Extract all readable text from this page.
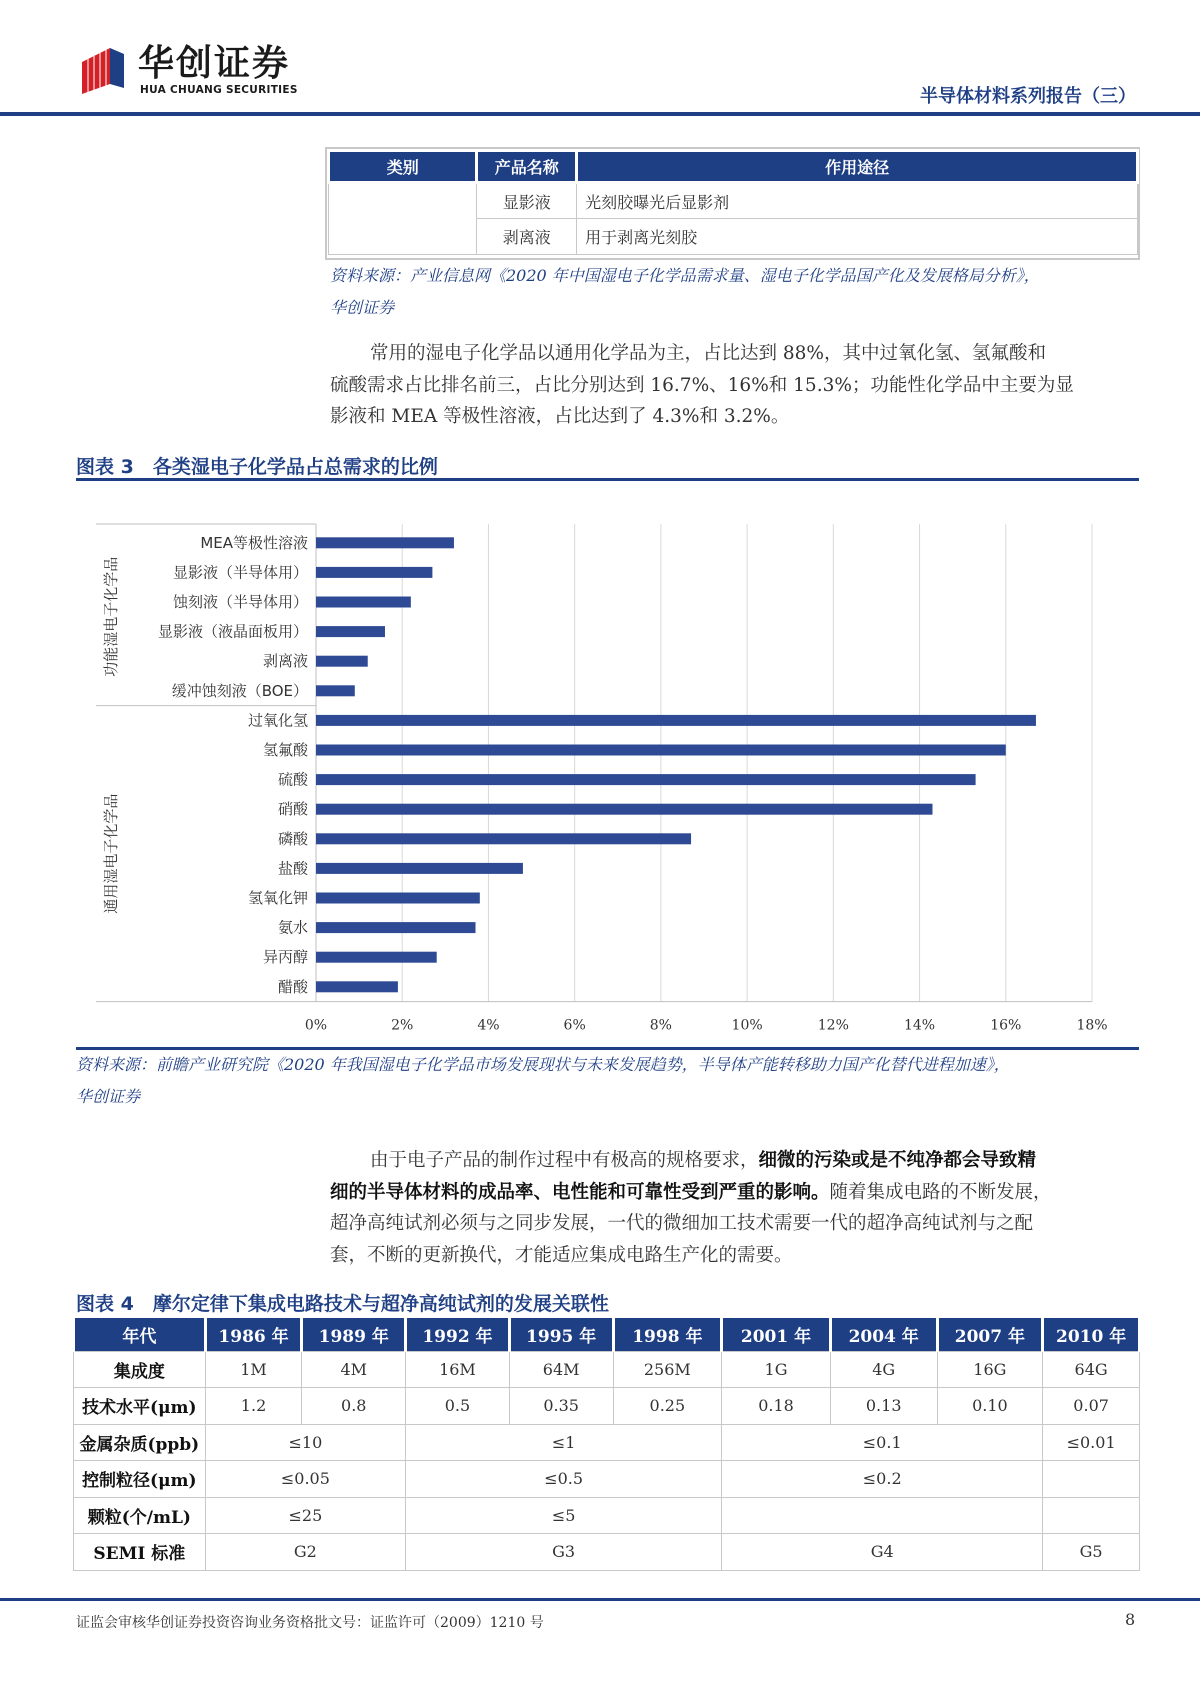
华创证券
HUA CHUANG SECURITIES	半导体材料系列报告（三）
类别	产品名称	作用途径
	显影液	光刻胶曝光后显影剂
	剥离液	用于剥离光刻胶
资料来源：产业信息网《2020 年中国湿电子化学品需求量、湿电子化学品国产化及发展格局分析》，
华创证券
常用的湿电子化学品以通用化学品为主，占比达到 88%，其中过氧化氢、氢氟酸和
硫酸需求占比排名前三，占比分别达到 16.7%、16%和 15.3%；功能性化学品中主要为显
影液和 MEA 等极性溶液，占比达到了 4.3%和 3.2%。
图表 3　各类湿电子化学品占总需求的比例
0%	2%	4%	6%	8%	10%	12%	14%	16%	18%
功能湿电子化学品
通用湿电子化学品
MEA等极性溶液
显影液（半导体用）
蚀刻液（半导体用）
显影液（液晶面板用）
剥离液
缓冲蚀刻液（BOE）
过氧化氢
氢氟酸
硫酸
硝酸
磷酸
盐酸
氢氧化钾
氨水
异丙醇
醋酸
资料来源：前瞻产业研究院《2020 年我国湿电子化学品市场发展现状与未来发展趋势，半导体产能转移助力国产化替代进程加速》，
华创证券
由于电子产品的制作过程中有极高的规格要求，细微的污染或是不纯净都会导致精
细的半导体材料的成品率、电性能和可靠性受到严重的影响。随着集成电路的不断发展，
超净高纯试剂必须与之同步发展，一代的微细加工技术需要一代的超净高纯试剂与之配
套，不断的更新换代，才能适应集成电路生产化的需要。
图表 4　摩尔定律下集成电路技术与超净高纯试剂的发展关联性
年代	1986 年	1989 年	1992 年	1995 年	1998 年	2001 年	2004 年	2007 年	2010 年
集成度	1M	4M	16M	64M	256M	1G	4G	16G	64G
技术水平(μm)	1.2	0.8	0.5	0.35	0.25	0.18	0.13	0.10	0.07
金属杂质(ppb)	≤10		≤1			≤0.1			≤0.01
控制粒径(μm)	≤0.05		≤0.5			≤0.2			
颗粒(个/mL)	≤25		≤5						
SEMI 标准	G2		G3			G4			G5
证监会审核华创证券投资咨询业务资格批文号：证监许可（2009）1210 号	8
